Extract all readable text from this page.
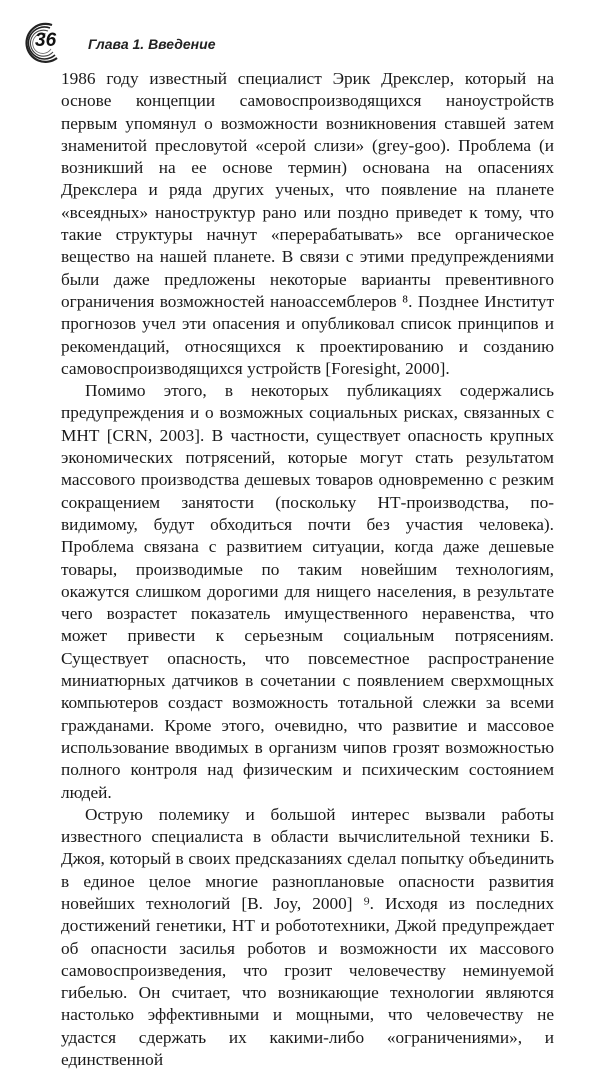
36 Глава 1. Введение

1986 году известный специалист Эрик Дрекслер, который на основе концепции самовоспроизводящихся наноустройств первым упомянул о возможности возникновения ставшей затем знаменитой пресловутой «серой слизи» (grey-goo). Проблема (и возникший на ее основе термин) основана на опасениях Дрекслера и ряда других ученых, что появление на планете «всеядных» наноструктур рано или поздно приведет к тому, что такие структуры начнут «перерабатывать» все органическое вещество на нашей планете. В связи с этими предупреждениями были даже предложены некоторые варианты превентивного ограничения возможностей наноассемблеров ⁸. Позднее Институт прогнозов учел эти опасения и опубликовал список принципов и рекомендаций, относящихся к проектированию и созданию самовоспроизводящихся устройств [Foresight, 2000].

Помимо этого, в некоторых публикациях содержались предупреждения и о возможных социальных рисках, связанных с МНТ [CRN, 2003]. В частности, существует опасность крупных экономических потрясений, которые могут стать результатом массового производства дешевых товаров одновременно с резким сокращением занятости (поскольку НТ-производства, по-видимому, будут обходиться почти без участия человека). Проблема связана с развитием ситуации, когда даже дешевые товары, производимые по таким новейшим технологиям, окажутся слишком дорогими для нищего населения, в результате чего возрастет показатель имущественного неравенства, что может привести к серьезным социальным потрясениям. Существует опасность, что повсеместное распространение миниатюрных датчиков в сочетании с появлением сверхмощных компьютеров создаст возможность тотальной слежки за всеми гражданами. Кроме этого, очевидно, что развитие и массовое использование вводимых в организм чипов грозят возможностью полного контроля над физическим и психическим состоянием людей.

Острую полемику и большой интерес вызвали работы известного специалиста в области вычислительной техники Б. Джоя, который в своих предсказаниях сделал попытку объединить в единое целое многие разноплановые опасности развития новейших технологий [B. Joy, 2000] ⁹. Исходя из последних достижений генетики, НТ и робототехники, Джой предупреждает об опасности засилья роботов и возможности их массового самовоспроизведения, что грозит человечеству неминуемой гибелью. Он считает, что возникающие технологии являются настолько эффективными и мощными, что человечеству не удастся сдержать их какими-либо «ограничениями», и единственной
